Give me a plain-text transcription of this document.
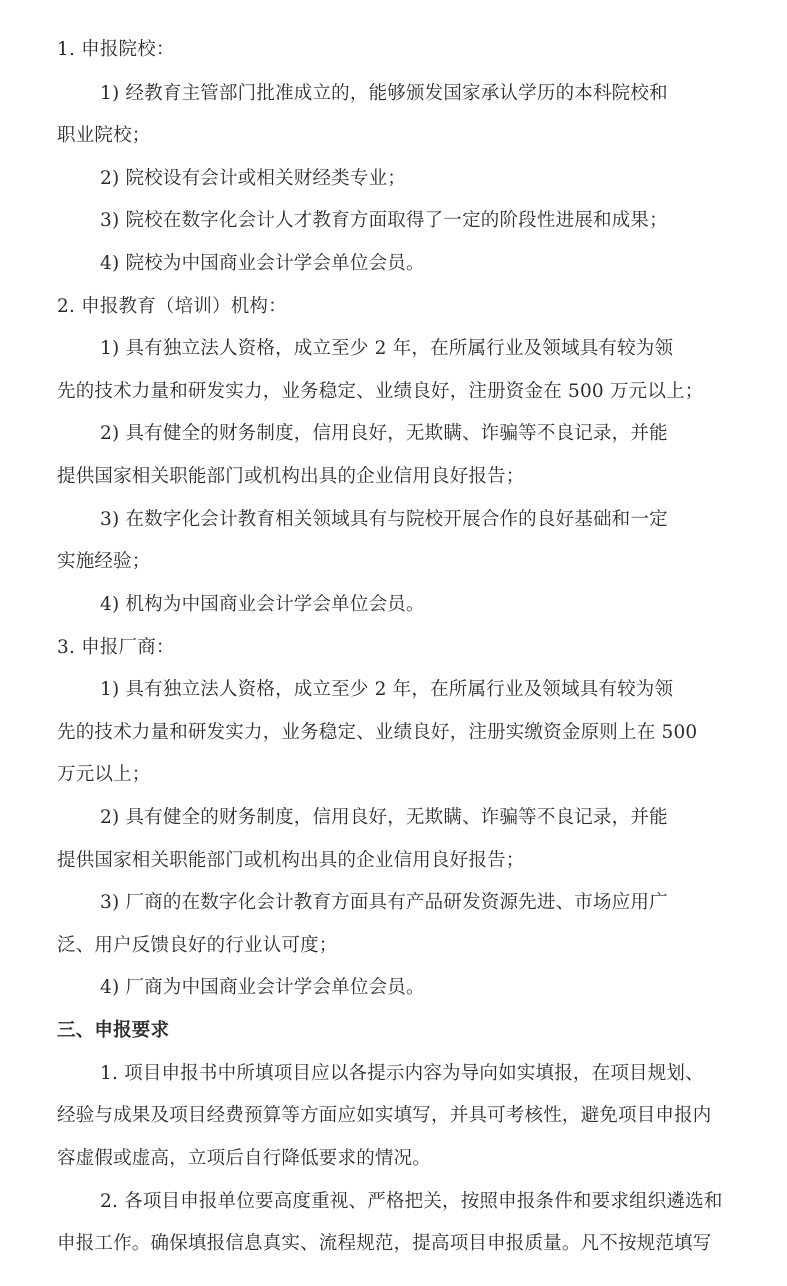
1. 申报院校：
1) 经教育主管部门批准成立的，能够颁发国家承认学历的本科院校和
职业院校；
2) 院校设有会计或相关财经类专业；
3) 院校在数字化会计人才教育方面取得了一定的阶段性进展和成果；
4) 院校为中国商业会计学会单位会员。
2. 申报教育（培训）机构：
1) 具有独立法人资格，成立至少 2 年，在所属行业及领域具有较为领
先的技术力量和研发实力，业务稳定、业绩良好，注册资金在 500 万元以上；
2) 具有健全的财务制度，信用良好，无欺瞒、诈骗等不良记录，并能
提供国家相关职能部门或机构出具的企业信用良好报告；
3) 在数字化会计教育相关领域具有与院校开展合作的良好基础和一定
实施经验；
4) 机构为中国商业会计学会单位会员。
3. 申报厂商：
1) 具有独立法人资格，成立至少 2 年，在所属行业及领域具有较为领
先的技术力量和研发实力，业务稳定、业绩良好，注册实缴资金原则上在 500
万元以上；
2) 具有健全的财务制度，信用良好，无欺瞒、诈骗等不良记录，并能
提供国家相关职能部门或机构出具的企业信用良好报告；
3) 厂商的在数字化会计教育方面具有产品研发资源先进、市场应用广
泛、用户反馈良好的行业认可度；
4) 厂商为中国商业会计学会单位会员。
三、申报要求
1. 项目申报书中所填项目应以各提示内容为导向如实填报，在项目规划、
经验与成果及项目经费预算等方面应如实填写，并具可考核性，避免项目申报内
容虚假或虚高，立项后自行降低要求的情况。
2. 各项目申报单位要高度重视、严格把关，按照申报条件和要求组织遴选和
申报工作。确保填报信息真实、流程规范，提高项目申报质量。凡不按规范填写
